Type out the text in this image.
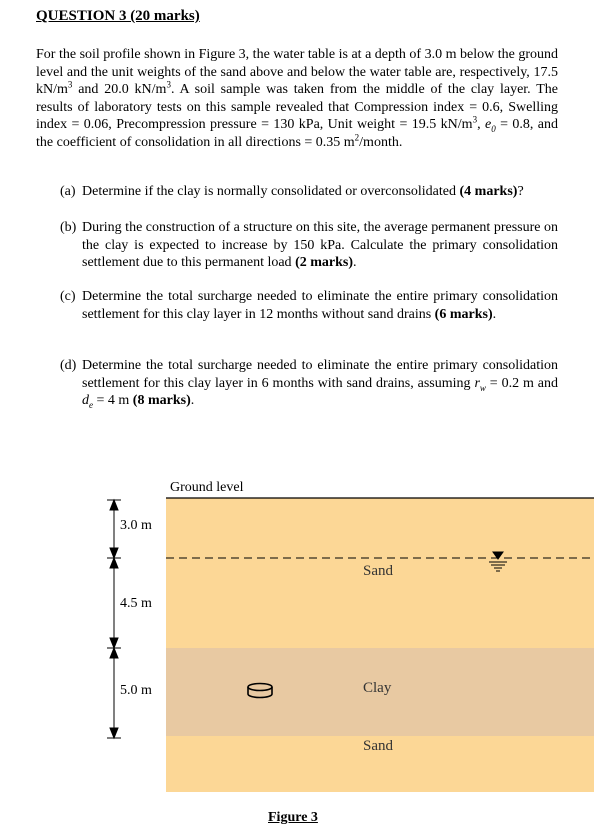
QUESTION 3 (20 marks)
For the soil profile shown in Figure 3, the water table is at a depth of 3.0 m below the ground level and the unit weights of the sand above and below the water table are, respectively, 17.5 $kN/m^3$ and 20.0 $kN/m^3$. A soil sample was taken from the middle of the clay layer. The results of laboratory tests on this sample revealed that Compression index = 0.6, Swelling index = 0.06, Precompression pressure = 130 kPa, Unit weight = 19.5 $kN/m^3$, $e_0 = 0.8$, and the coefficient of consolidation in all directions = 0.35 $m^2$/month.
(a) Determine if the clay is normally consolidated or overconsolidated (4 marks)?
(b) During the construction of a structure on this site, the average permanent pressure on the clay is expected to increase by 150 kPa. Calculate the primary consolidation settlement due to this permanent load (2 marks).
(c) Determine the total surcharge needed to eliminate the entire primary consolidation settlement for this clay layer in 12 months without sand drains (6 marks).
(d) Determine the total surcharge needed to eliminate the entire primary consolidation settlement for this clay layer in 6 months with sand drains, assuming $r_w = 0.2$ m and $d_e = 4$ m (8 marks).
Ground level
3.0 m
4.5 m
5.0 m
Sand
Clay
Sand
Figure 3
